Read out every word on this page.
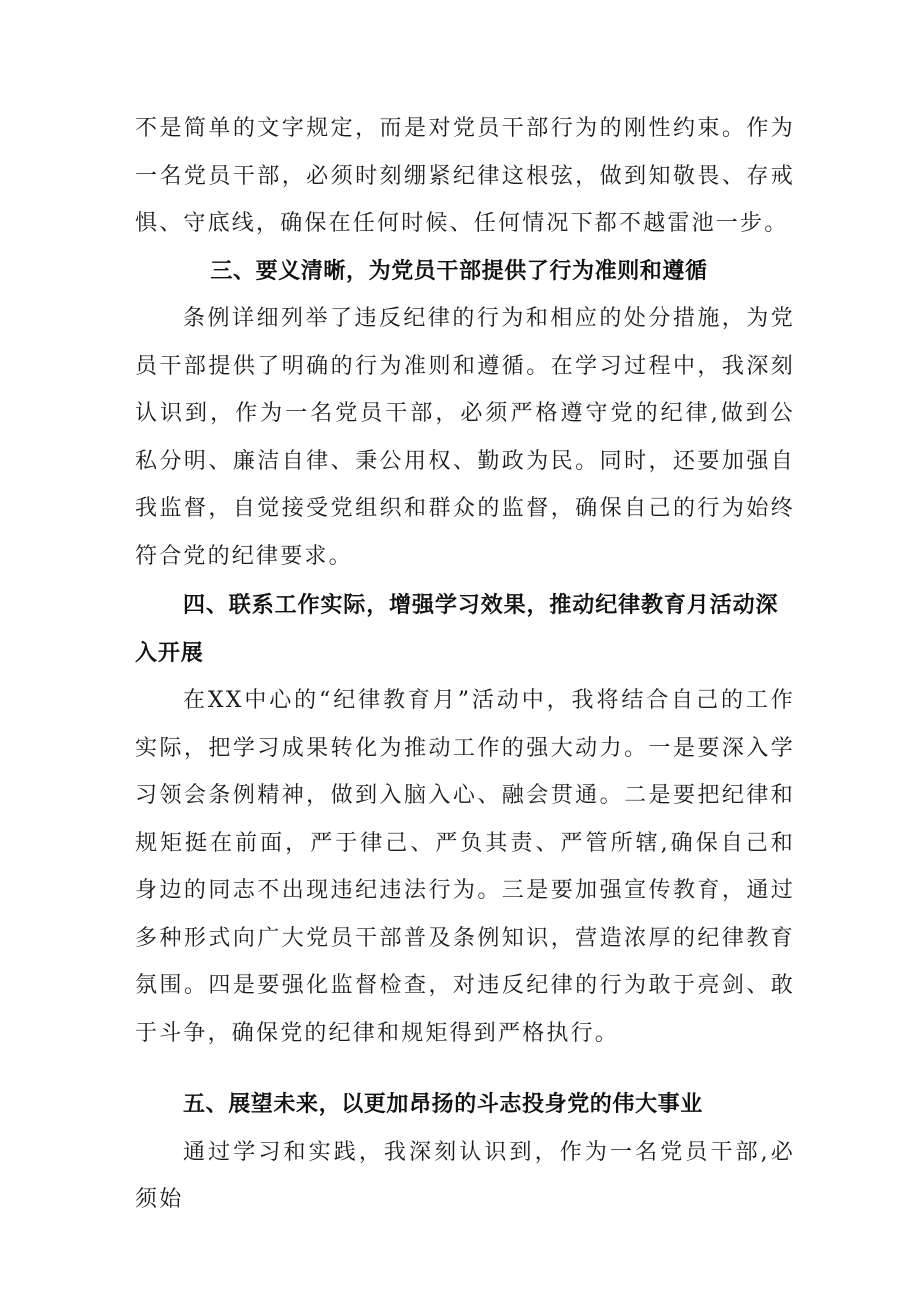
不是简单的文字规定，而是对党员干部行为的刚性约束。作为一名党员干部，必须时刻绷紧纪律这根弦，做到知敬畏、存戒惧、守底线，确保在任何时候、任何情况下都不越雷池一步。

三、要义清晰，为党员干部提供了行为准则和遵循

条例详细列举了违反纪律的行为和相应的处分措施，为党员干部提供了明确的行为准则和遵循。在学习过程中，我深刻认识到，作为一名党员干部，必须严格遵守党的纪律,做到公私分明、廉洁自律、秉公用权、勤政为民。同时，还要加强自我监督，自觉接受党组织和群众的监督，确保自己的行为始终符合党的纪律要求。

四、联系工作实际，增强学习效果，推动纪律教育月活动深入开展

在XX中心的“纪律教育月”活动中，我将结合自己的工作实际，把学习成果转化为推动工作的强大动力。一是要深入学习领会条例精神，做到入脑入心、融会贯通。二是要把纪律和规矩挺在前面，严于律己、严负其责、严管所辖,确保自己和身边的同志不出现违纪违法行为。三是要加强宣传教育，通过多种形式向广大党员干部普及条例知识，营造浓厚的纪律教育氛围。四是要强化监督检查，对违反纪律的行为敢于亮剑、敢于斗争，确保党的纪律和规矩得到严格执行。

五、展望未来，以更加昂扬的斗志投身党的伟大事业

通过学习和实践，我深刻认识到，作为一名党员干部,必须始
